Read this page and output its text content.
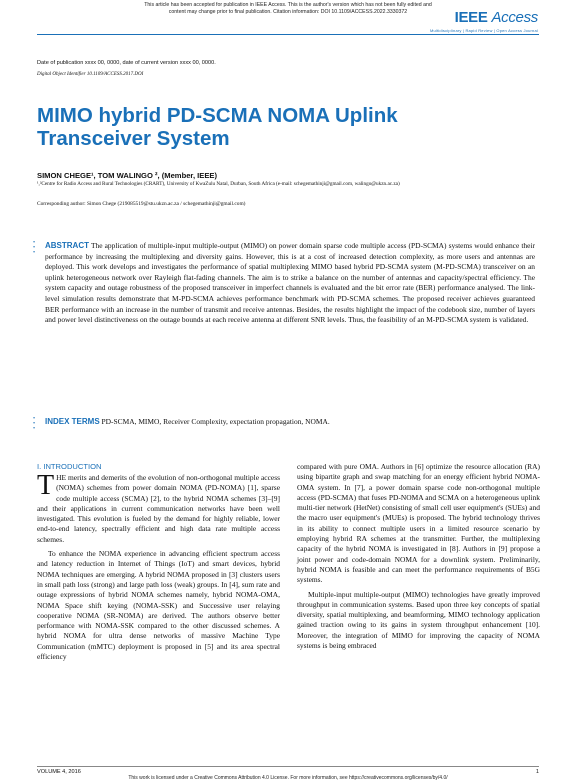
This article has been accepted for publication in IEEE Access. This is the author's version which has not been fully edited and
content may change prior to final publication. Citation information: DOI 10.1109/ACCESS.2022.3330372	IEEE Access
Multidisciplinary | Rapid Review | Open Access Journal
Date of publication xxxx 00, 0000, date of current version xxxx 00, 0000.
Digital Object Identifier 10.1109/ACCESS.2017.DOI
MIMO hybrid PD-SCMA NOMA Uplink Transceiver System
SIMON CHEGE¹, TOM WALINGO ², (Member, IEEE)
¹,²Centre for Radio Access and Rural Technologies (CRART), University of KwaZulu Natal, Durban, South Africa (e-mail: schegemathinji@gmail.com, walingo@ukzn.ac.za)
Corresponding author: Simon Chege (219085519@stu.ukzn.ac.za / schegemathinji@gmail.com)
•
•
•
ABSTRACT The application of multiple-input multiple-output (MIMO) on power domain sparse code multiple access (PD-SCMA) systems would enhance their performance by increasing the multiplexing and diversity gains. However, this is at a cost of increased detection complexity, as more users and antennas are deployed. This work develops and investigates the performance of spatial multiplexing MIMO based hybrid PD-SCMA system (M-PD-SCMA) transceiver on an uplink heterogeneous network over Rayleigh flat-fading channels. The aim is to strike a balance on the number of antennas and capacity/spectral efficiency. The system capacity and outage robustness of the proposed transceiver in imperfect channels is evaluated and the bit error rate (BER) performance analysed. The link-level simulation results demonstrate that M-PD-SCMA achieves performance benchmark with PD-SCMA schemes. The proposed receiver achieves guaranteed BER performance with an increase in the number of transmit and receive antennas. Besides, the results highlight the impact of the codebook size, number of layers and power level distinctiveness on the outage bounds at each receive antenna at different SNR levels. Thus, the feasibility of an M-PD-SCMA system is validated.
•
•
•
INDEX TERMS PD-SCMA, MIMO, Receiver Complexity, expectation propagation, NOMA.
I. INTRODUCTION

THE merits and demerits of the evolution of non-orthogonal multiple access (NOMA) schemes from power domain NOMA (PD-NOMA) [1], sparse code multiple access (SCMA) [2], to the hybrid NOMA schemes [3]–[9] and their applications in current communication networks have been well investigated. This evolution is fueled by the demand for highly reliable, lower end-to-end latency, spectrally efficient and high data rate multiple access schemes.

To enhance the NOMA experience in advancing efficient spectrum access and latency reduction in Internet of Things (IoT) and smart devices, hybrid NOMA techniques are emerging. A hybrid NOMA proposed in [3] clusters users in small path loss (strong) and large path loss (weak) groups. In [4], sum rate and outage expressions of hybrid NOMA schemes namely, hybrid NOMA-OMA, NOMA Space shift keying (NOMA-SSK) and Successive user relaying cooperative NOMA (SR-NOMA) are derived. The authors observe better performance with NOMA-SSK compared to the other discussed schemes. A hybrid NOMA for ultra dense networks of massive Machine Type Communication (mMTC) deployment is proposed in [5] and its area spectral efficiency

compared with pure OMA. Authors in [6] optimize the resource allocation (RA) using bipartite graph and swap matching for an energy efficient hybrid NOMA-OMA system. In [7], a power domain sparse code non-orthogonal multiple access (PD-SCMA) that fuses PD-NOMA and SCMA on a heterogeneous uplink multi-tier network (HetNet) consisting of small cell user equipment's (SUEs) and the macro user equipment's (MUEs) is proposed. The hybrid technology thrives in its ability to connect multiple users in a limited resource scenario by employing hybrid RA schemes at the transmitter. Further, the multiplexing capacity of the hybrid NOMA is investigated in [8]. Authors in [9] propose a joint power and code-domain NOMA for a downlink system. Preliminarily, hybrid NOMA is feasible and can meet the performance requirements of B5G systems.

Multiple-input multiple-output (MIMO) technologies have greatly improved throughput in communication systems. Based upon three key concepts of spatial diversity, spatial multiplexing, and beamforming, MIMO technology application gained traction owing to its gains in system throughput enhancement [10]. Moreover, the integration of MIMO for improving the capacity of NOMA systems is being embraced

VOLUME 4, 2016	1
This work is licensed under a Creative Commons Attribution 4.0 License. For more information, see https://creativecommons.org/licenses/by/4.0/
